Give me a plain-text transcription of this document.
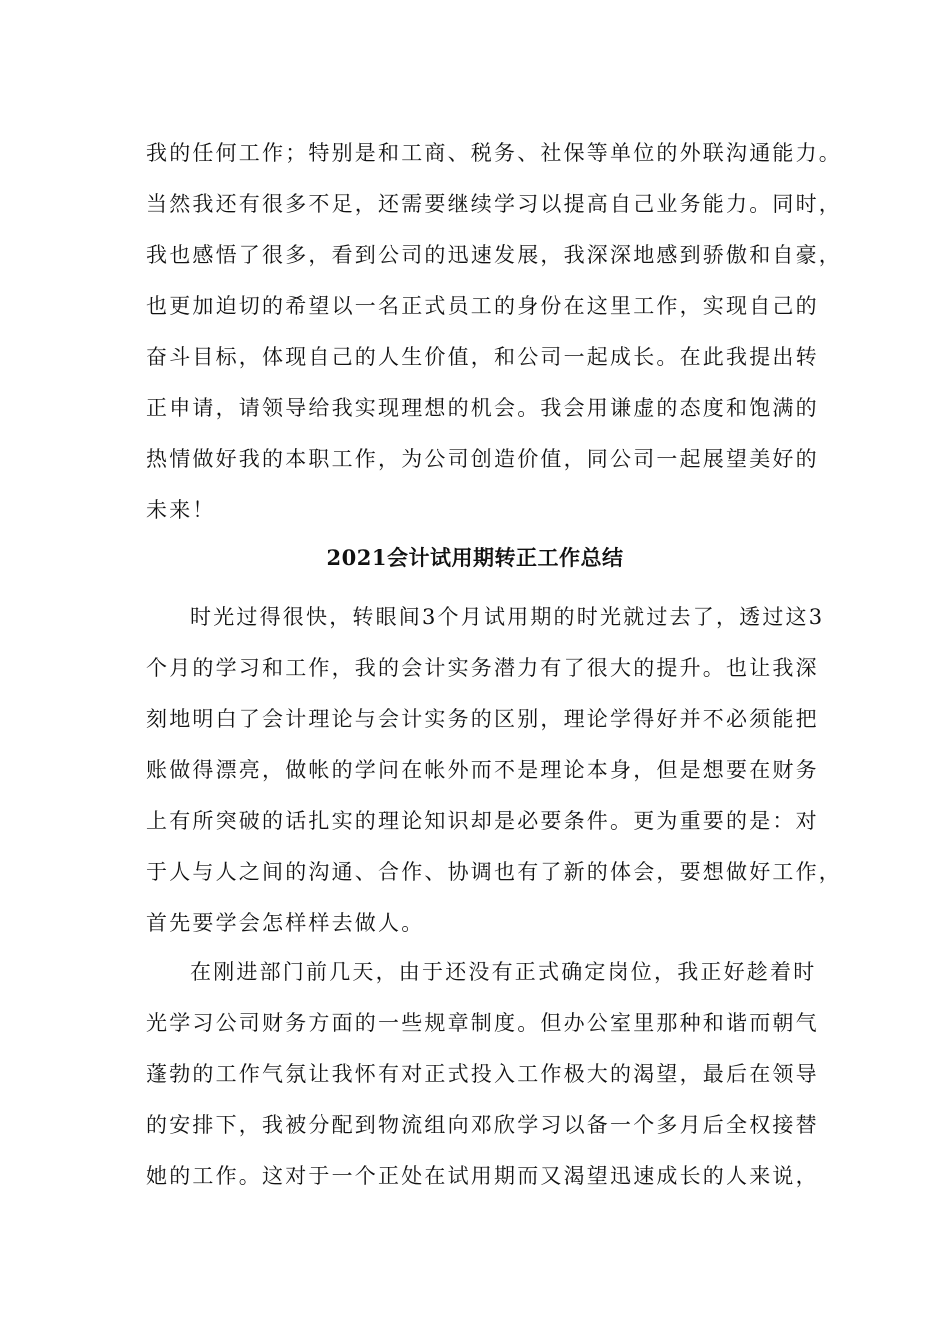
我的任何工作；特别是和工商、税务、社保等单位的外联沟通能力。
当然我还有很多不足，还需要继续学习以提高自己业务能力。同时，
我也感悟了很多，看到公司的迅速发展，我深深地感到骄傲和自豪，
也更加迫切的希望以一名正式员工的身份在这里工作，实现自己的
奋斗目标，体现自己的人生价值，和公司一起成长。在此我提出转
正申请，请领导给我实现理想的机会。我会用谦虚的态度和饱满的
热情做好我的本职工作，为公司创造价值，同公司一起展望美好的
未来！
2021会计试用期转正工作总结
时光过得很快，转眼间3个月试用期的时光就过去了，透过这3
个月的学习和工作，我的会计实务潜力有了很大的提升。也让我深
刻地明白了会计理论与会计实务的区别，理论学得好并不必须能把
账做得漂亮，做帐的学问在帐外而不是理论本身，但是想要在财务
上有所突破的话扎实的理论知识却是必要条件。更为重要的是：对
于人与人之间的沟通、合作、协调也有了新的体会，要想做好工作，
首先要学会怎样样去做人。
在刚进部门前几天，由于还没有正式确定岗位，我正好趁着时
光学习公司财务方面的一些规章制度。但办公室里那种和谐而朝气
蓬勃的工作气氛让我怀有对正式投入工作极大的渴望，最后在领导
的安排下，我被分配到物流组向邓欣学习以备一个多月后全权接替
她的工作。这对于一个正处在试用期而又渴望迅速成长的人来说，
